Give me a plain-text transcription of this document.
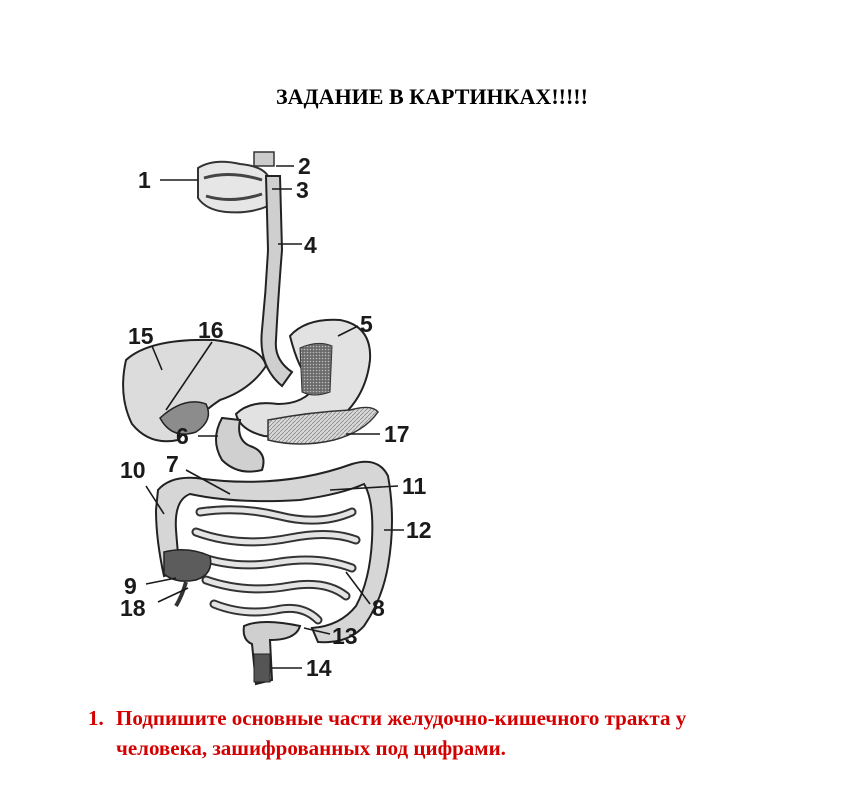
ЗАДАНИЕ В КАРТИНКАХ!!!!!
1
2
3
4
5
6
7
8
9
10
11
12
13
14
15 16
17
18
1. Подпишите основные части желудочно-кишечного тракта у
человека, зашифрованных под цифрами.
